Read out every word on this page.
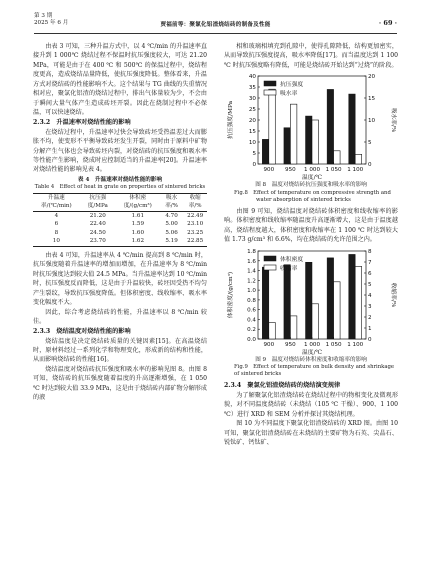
第 3 期
2025 年 6 月	贾福前等：聚氯化铝渣烧结砖的制备及性能	· 69 ·

由表 3 可知，三种升温方式中，以 4 ℃/min 的升温速率直接升到 1 000℃ 烧结过程不保温时抗压强度较大，可达 21.20 MPa，可能是由于在 400 ℃ 和 500℃ 的保温过程中，烧结程度更高，造成烧结品量降低，使抗压强度降低。整体看来，升温方式对烧结砖的性能影响不大。这个结果与 TG 曲线的失重情况相对应，聚氯化铝渣的烧结过程中，排出气体量较为少，不会由于瞬间大量气体产生造成砖坯开裂。因此在烧制过程中不必保温，可以快速烧结。

2.3.2　升温速率对烧结性能的影响

在烧结过程中，升温速率过快会导致砖坯受热温差过大而膨胀不均，使变形不平衡导致砖坯发生开裂，同时由于原料中矿物分解产生气体也会导致砖坯内裂，对烧结砖的抗压强度和吸水率等性能产生影响，烧成时应控制适当的升温速率[20]。升温速率对烧结性能的影响见表 4。

表 4　升温速率对烧结性能的影响
Table 4　Effect of heat in grate on properties of sintered bricks
升温速率/(℃/min)	抗压强度/MPa	体积密度/(g/cm³)	吸水率/%	收缩率/%
4	21.20	1.61	4.70	22.49
6	22.40	1.59	5.00	23.10
8	24.50	1.60	5.06	23.25
10	23.70	1.62	5.19	22.85

由表 4 可知，升温速率从 4 ℃/min 提高到 8 ℃/min 时，抗压强度随着升温速率的增加而增加，在升温速率为 8 ℃/min 时抗压强度达到较大值 24.5 MPa。当升温速率达到 10 ℃/min 时，抗压强度反而降低，这是由于升温较快，砖坯因受热不均匀产生裂纹，导致抗压强度降低。但体积密度、线收缩率、吸水率变化幅度不大。

因此，综合考虑烧结砖的性能，升温速率以 8 ℃/min 较佳。

2.3.3　烧结温度对烧结性能的影响

烧结温度是决定烧结砖质量的关键因素[15]。在高温烧结时，原材料经过一系列化学和物理变化，形成新的结构和性能，从而影响烧结砖的性能[16]。

烧结温度对烧结砖抗压强度和吸水率的影响见图 8。由图 8 可知，烧结砖的抗压强度随着温度的升高逐渐增强，在 1 050 ℃ 时达到较大值 33.9 MPa，这是由于烧结砖内部矿物分解形成的液

相和玻璃相填充到孔隙中，使得孔隙降低，结构更加密实，从而导致抗压强度提高，吸水率降低[17]。而当温度达到 1 100 ℃ 时抗压强度略有降低，可能是烧结砖开始达到“过烧”的阶段。

0
5
10
15
20
25
30
35
40
0
5
10
15
20
900 950 1 000 1 050 1 100
温度/℃
抗压强度/MPa	吸水率/%
抗压强度
吸水率
图 8　温度对烧结砖抗压强度和吸水率的影响
Fig.8　Effect of temperature on compressive strength and
water absorption of sintered bricks

由图 9 可知，烧结温度对烧结砖体积密度和线收缩率的影响。体积密度和线收缩率随温度升高逐渐增大，这是由于温度越高，烧结程度越大，体积密度和收缩率在 1 100 ℃ 时达到较大值 1.73 g/cm³ 和 6.6%，均在烧结砖的允许范围之内。

0.0
0.2
0.4
0.6
0.8
1.0
1.2
1.4
1.6
1.8
0
1
2
3
4
5
6
7
8
900 950 1 000 1 050 1 100
温度/℃
体积密度/(g/cm³)	收缩率/%
体积密度
收缩率
图 9　温度对烧结砖体积密度和收缩率的影响
Fig.9　Effect of temperature on bulk density and shrinkage of sintered bricks
2.3.4　聚氯化铝渣烧结砖的烧结演变规律

为了解聚氯化铝渣烧结砖在烧结过程中的物相变化及微观形貌，对不同温度烧结砖（未烧结（105 ℃ 干燥）、900、1 100 ℃）进行 XRD 和 SEM 分析并探讨其烧结机理。

图 10 为不同温度下聚氯化铝渣烧结砖的 XRD 图。由图 10 可知，聚氯化铝渣烧结砖在未烧结的主要矿物为石英、尖晶石、锐钛矿、钙钛矿、
